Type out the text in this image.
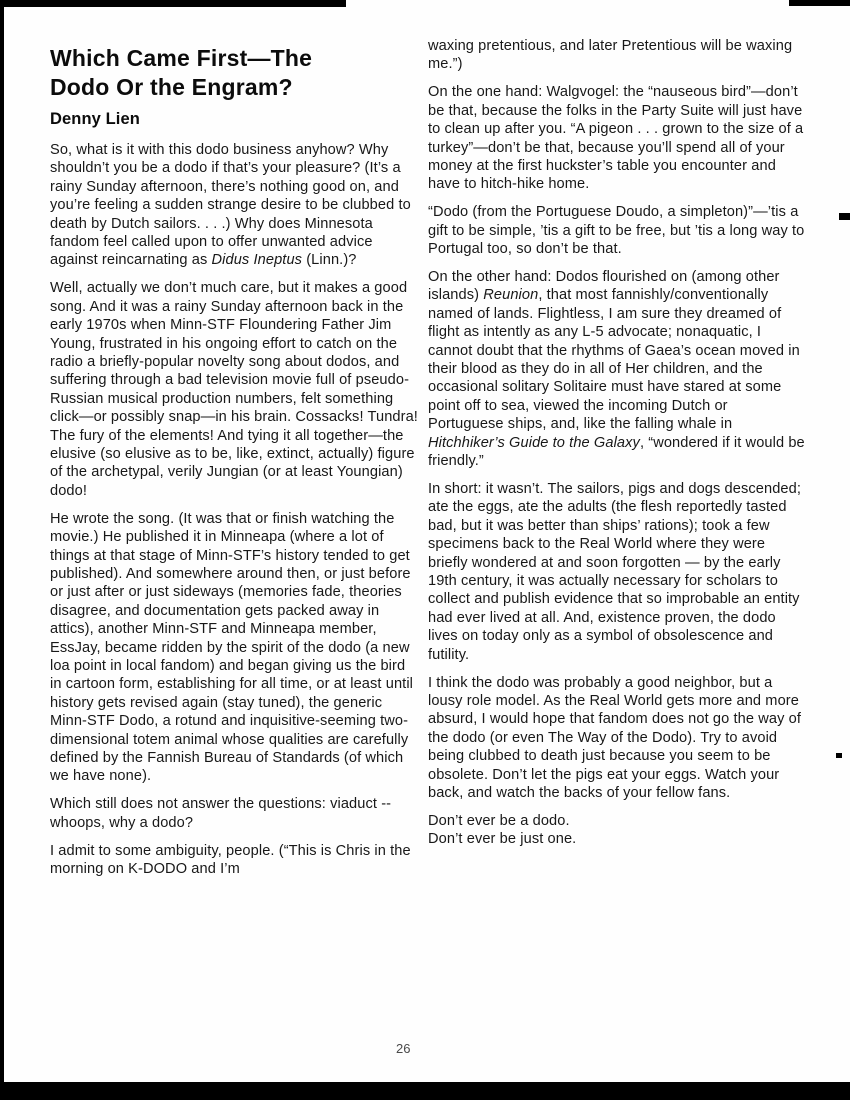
Which Came First—The
Dodo Or the Engram?
Denny Lien

So, what is it with this dodo business anyhow? Why shouldn’t you be a dodo if that’s your pleasure? (It’s a rainy Sunday afternoon, there’s nothing good on, and you’re feeling a sudden strange desire to be clubbed to death by Dutch sailors. . . .) Why does Minnesota fandom feel called upon to offer unwanted advice against reincarnating as Didus Ineptus (Linn.)?

Well, actually we don’t much care, but it makes a good song. And it was a rainy Sunday afternoon back in the early 1970s when Minn-STF Floundering Father Jim Young, frustrated in his ongoing effort to catch on the radio a briefly-popular novelty song about dodos, and suffering through a bad television movie full of pseudo-Russian musical production numbers, felt something click—or possibly snap—in his brain. Cossacks! Tundra! The fury of the elements! And tying it all together—the elusive (so elusive as to be, like, extinct, actually) figure of the archetypal, verily Jungian (or at least Youngian) dodo!

He wrote the song. (It was that or finish watching the movie.) He published it in Minneapa (where a lot of things at that stage of Minn-STF’s history tended to get published). And somewhere around then, or just before or just after or just sideways (memories fade, theories disagree, and documentation gets packed away in attics), another Minn-STF and Minneapa member, EssJay, became ridden by the spirit of the dodo (a new loa point in local fandom) and began giving us the bird in cartoon form, establishing for all time, or at least until history gets revised again (stay tuned), the generic Minn-STF Dodo, a rotund and inquisitive-seeming two-dimensional totem animal whose qualities are carefully defined by the Fannish Bureau of Standards (of which we have none).

Which still does not answer the questions: viaduct --whoops, why a dodo?

I admit to some ambiguity, people. (“This is Chris in the morning on K-DODO and I’m

waxing pretentious, and later Pretentious will be waxing me.”)

On the one hand: Walgvogel: the “nauseous bird”—don’t be that, because the folks in the Party Suite will just have to clean up after you. “A pigeon . . . grown to the size of a turkey”—don’t be that, because you’ll spend all of your money at the first huckster’s table you encounter and have to hitch-hike home.

“Dodo (from the Portuguese Doudo, a simpleton)”—’tis a gift to be simple, ’tis a gift to be free, but ’tis a long way to Portugal too, so don’t be that.

On the other hand: Dodos flourished on (among other islands) Reunion, that most fannishly/conventionally named of lands. Flightless, I am sure they dreamed of flight as intently as any L-5 advocate; nonaquatic, I cannot doubt that the rhythms of Gaea’s ocean moved in their blood as they do in all of Her children, and the occasional solitary Solitaire must have stared at some point off to sea, viewed the incoming Dutch or Portuguese ships, and, like the falling whale in Hitchhiker’s Guide to the Galaxy, “wondered if it would be friendly.”

In short: it wasn’t. The sailors, pigs and dogs descended; ate the eggs, ate the adults (the flesh reportedly tasted bad, but it was better than ships’ rations); took a few specimens back to the Real World where they were briefly wondered at and soon forgotten — by the early 19th century, it was actually necessary for scholars to collect and publish evidence that so improbable an entity had ever lived at all. And, existence proven, the dodo lives on today only as a symbol of obsolescence and futility.

I think the dodo was probably a good neighbor, but a lousy role model. As the Real World gets more and more absurd, I would hope that fandom does not go the way of the dodo (or even The Way of the Dodo). Try to avoid being clubbed to death just because you seem to be obsolete. Don’t let the pigs eat your eggs. Watch your back, and watch the backs of your fellow fans.

Don’t ever be a dodo.
Don’t ever be just one.

26
